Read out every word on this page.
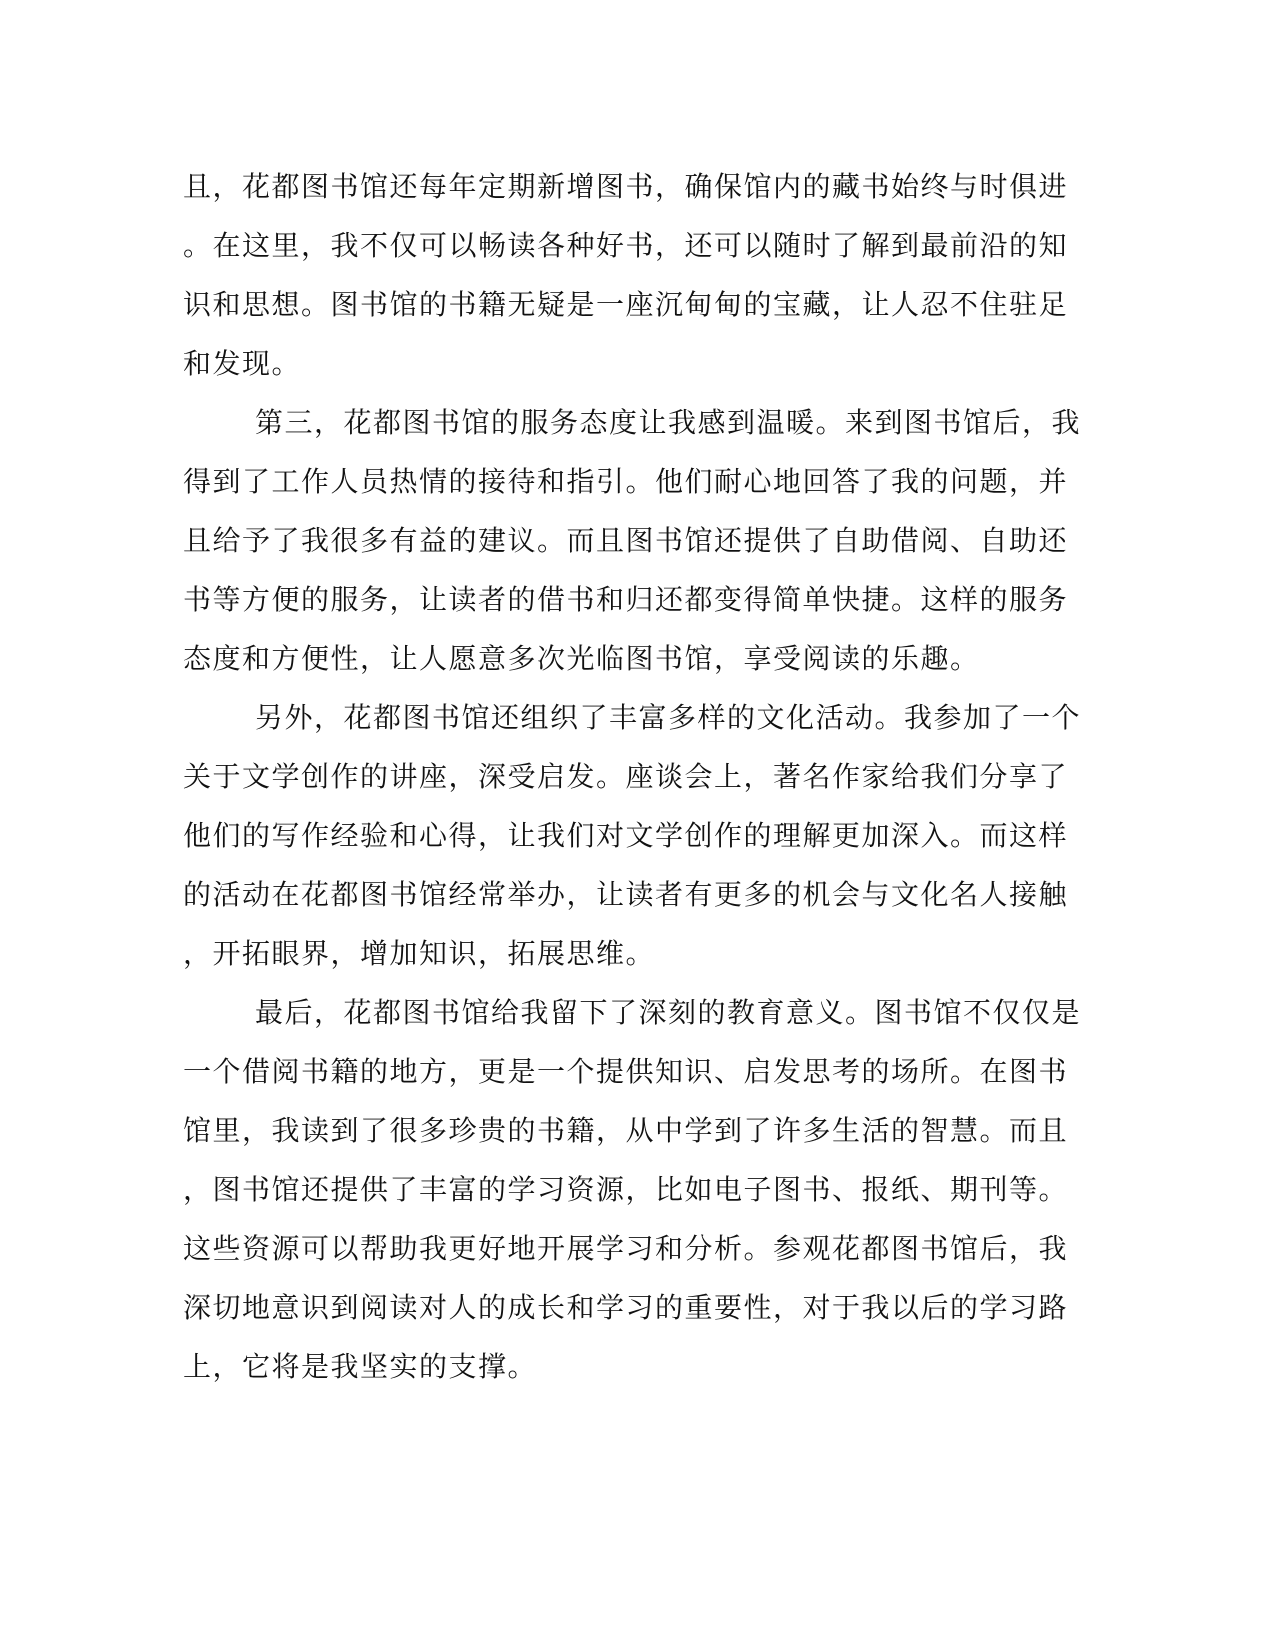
且，花都图书馆还每年定期新增图书，确保馆内的藏书始终与时俱进
。在这里，我不仅可以畅读各种好书，还可以随时了解到最前沿的知
识和思想。图书馆的书籍无疑是一座沉甸甸的宝藏，让人忍不住驻足
和发现。
第三，花都图书馆的服务态度让我感到温暖。来到图书馆后，我
得到了工作人员热情的接待和指引。他们耐心地回答了我的问题，并
且给予了我很多有益的建议。而且图书馆还提供了自助借阅、自助还
书等方便的服务，让读者的借书和归还都变得简单快捷。这样的服务
态度和方便性，让人愿意多次光临图书馆，享受阅读的乐趣。
另外，花都图书馆还组织了丰富多样的文化活动。我参加了一个
关于文学创作的讲座，深受启发。座谈会上，著名作家给我们分享了
他们的写作经验和心得，让我们对文学创作的理解更加深入。而这样
的活动在花都图书馆经常举办，让读者有更多的机会与文化名人接触
，开拓眼界，增加知识，拓展思维。
最后，花都图书馆给我留下了深刻的教育意义。图书馆不仅仅是
一个借阅书籍的地方，更是一个提供知识、启发思考的场所。在图书
馆里，我读到了很多珍贵的书籍，从中学到了许多生活的智慧。而且
，图书馆还提供了丰富的学习资源，比如电子图书、报纸、期刊等。
这些资源可以帮助我更好地开展学习和分析。参观花都图书馆后，我
深切地意识到阅读对人的成长和学习的重要性，对于我以后的学习路
上，它将是我坚实的支撑。
